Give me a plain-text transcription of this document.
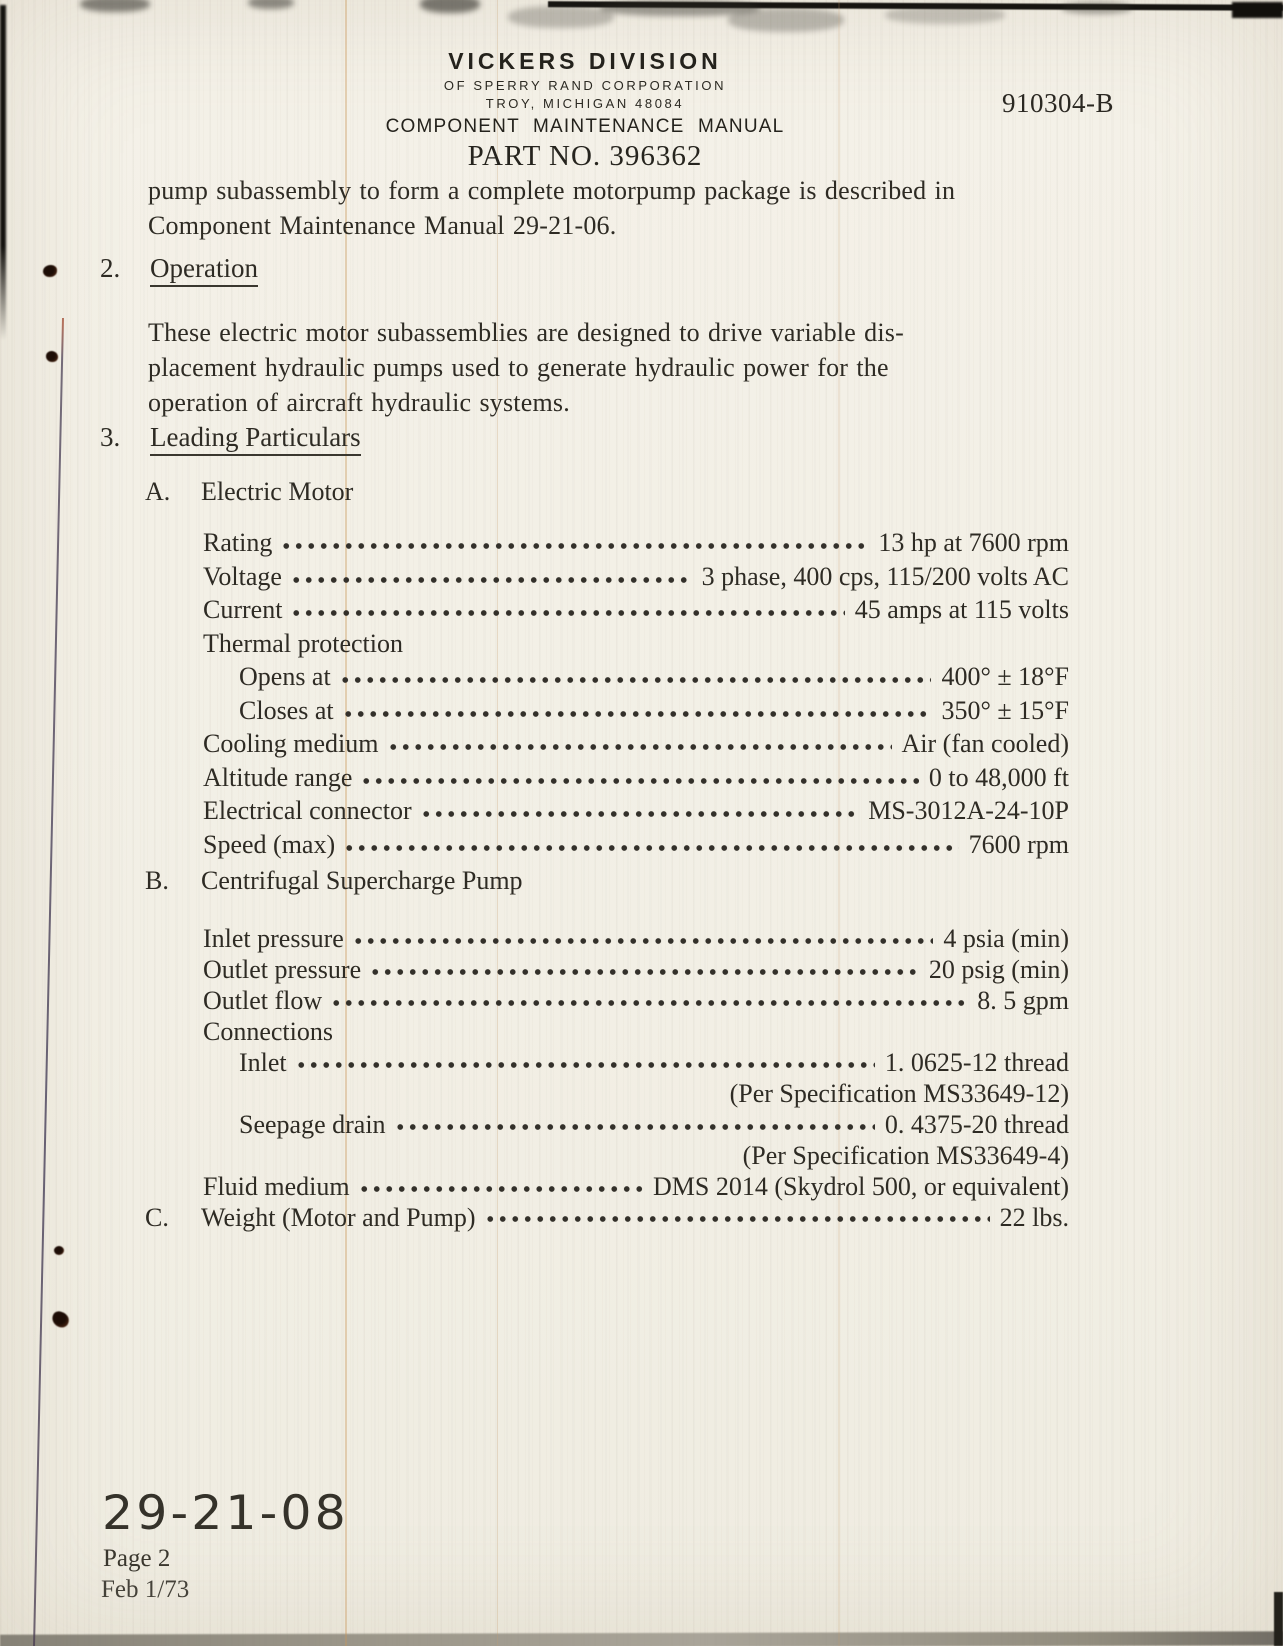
VICKERS DIVISION
OF SPERRY RAND CORPORATION
TROY, MICHIGAN 48084
COMPONENT MAINTENANCE MANUAL
PART NO. 396362
910304-B
pump subassembly to form a complete motorpump package is described in
Component Maintenance Manual 29-21-06.
2. Operation
These electric motor subassemblies are designed to drive variable dis-
placement hydraulic pumps used to generate hydraulic power for the
operation of aircraft hydraulic systems.
3. Leading Particulars
A. Electric Motor
Rating	13 hp at 7600 rpm
Voltage	3 phase, 400 cps, 115/200 volts AC
Current	45 amps at 115 volts
Thermal protection
Opens at	400° ± 18°F
Closes at	350° ± 15°F
Cooling medium	Air (fan cooled)
Altitude range	0 to 48,000 ft
Electrical connector	MS-3012A-24-10P
Speed (max)	7600 rpm
B. Centrifugal Supercharge Pump
Inlet pressure	4 psia (min)
Outlet pressure	20 psig (min)
Outlet flow	8. 5 gpm
Connections
Inlet	1. 0625-12 thread
(Per Specification MS33649-12)
Seepage drain	0. 4375-20 thread
(Per Specification MS33649-4)
Fluid medium	DMS 2014 (Skydrol 500, or equivalent)
C. Weight (Motor and Pump)	22 lbs.
29-21-08
Page 2
Feb 1/73
